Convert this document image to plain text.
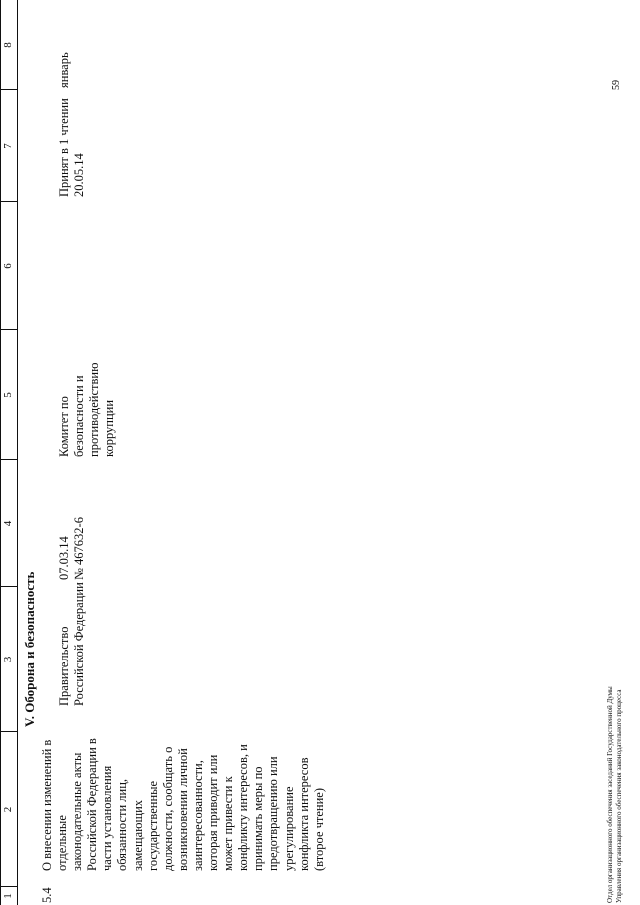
1
2
3
4
5
6
7
8
V. Оборона и безопасность
5.4
О внесении изменений в
отдельные
законодательные акты
Российской Федерации в
части установления
обязанности лиц,
замещающих
государственные
должности, сообщать о
возникновении личной
заинтересованности,
которая приводит или
может привести к
конфликту интересов, и
принимать меры по
предотвращению или
урегулирование
конфликта интересов
(второе чтение)
Правительство
Российской Федерации
07.03.14
№ 467632-6
Комитет по
безопасности и
противодействию
коррупции
Принят в 1 чтении
20.05.14
январь
Отдел организационного обеспечения заседаний Государственной Думы Управления организационного обеспечения законодательного процесса
59
